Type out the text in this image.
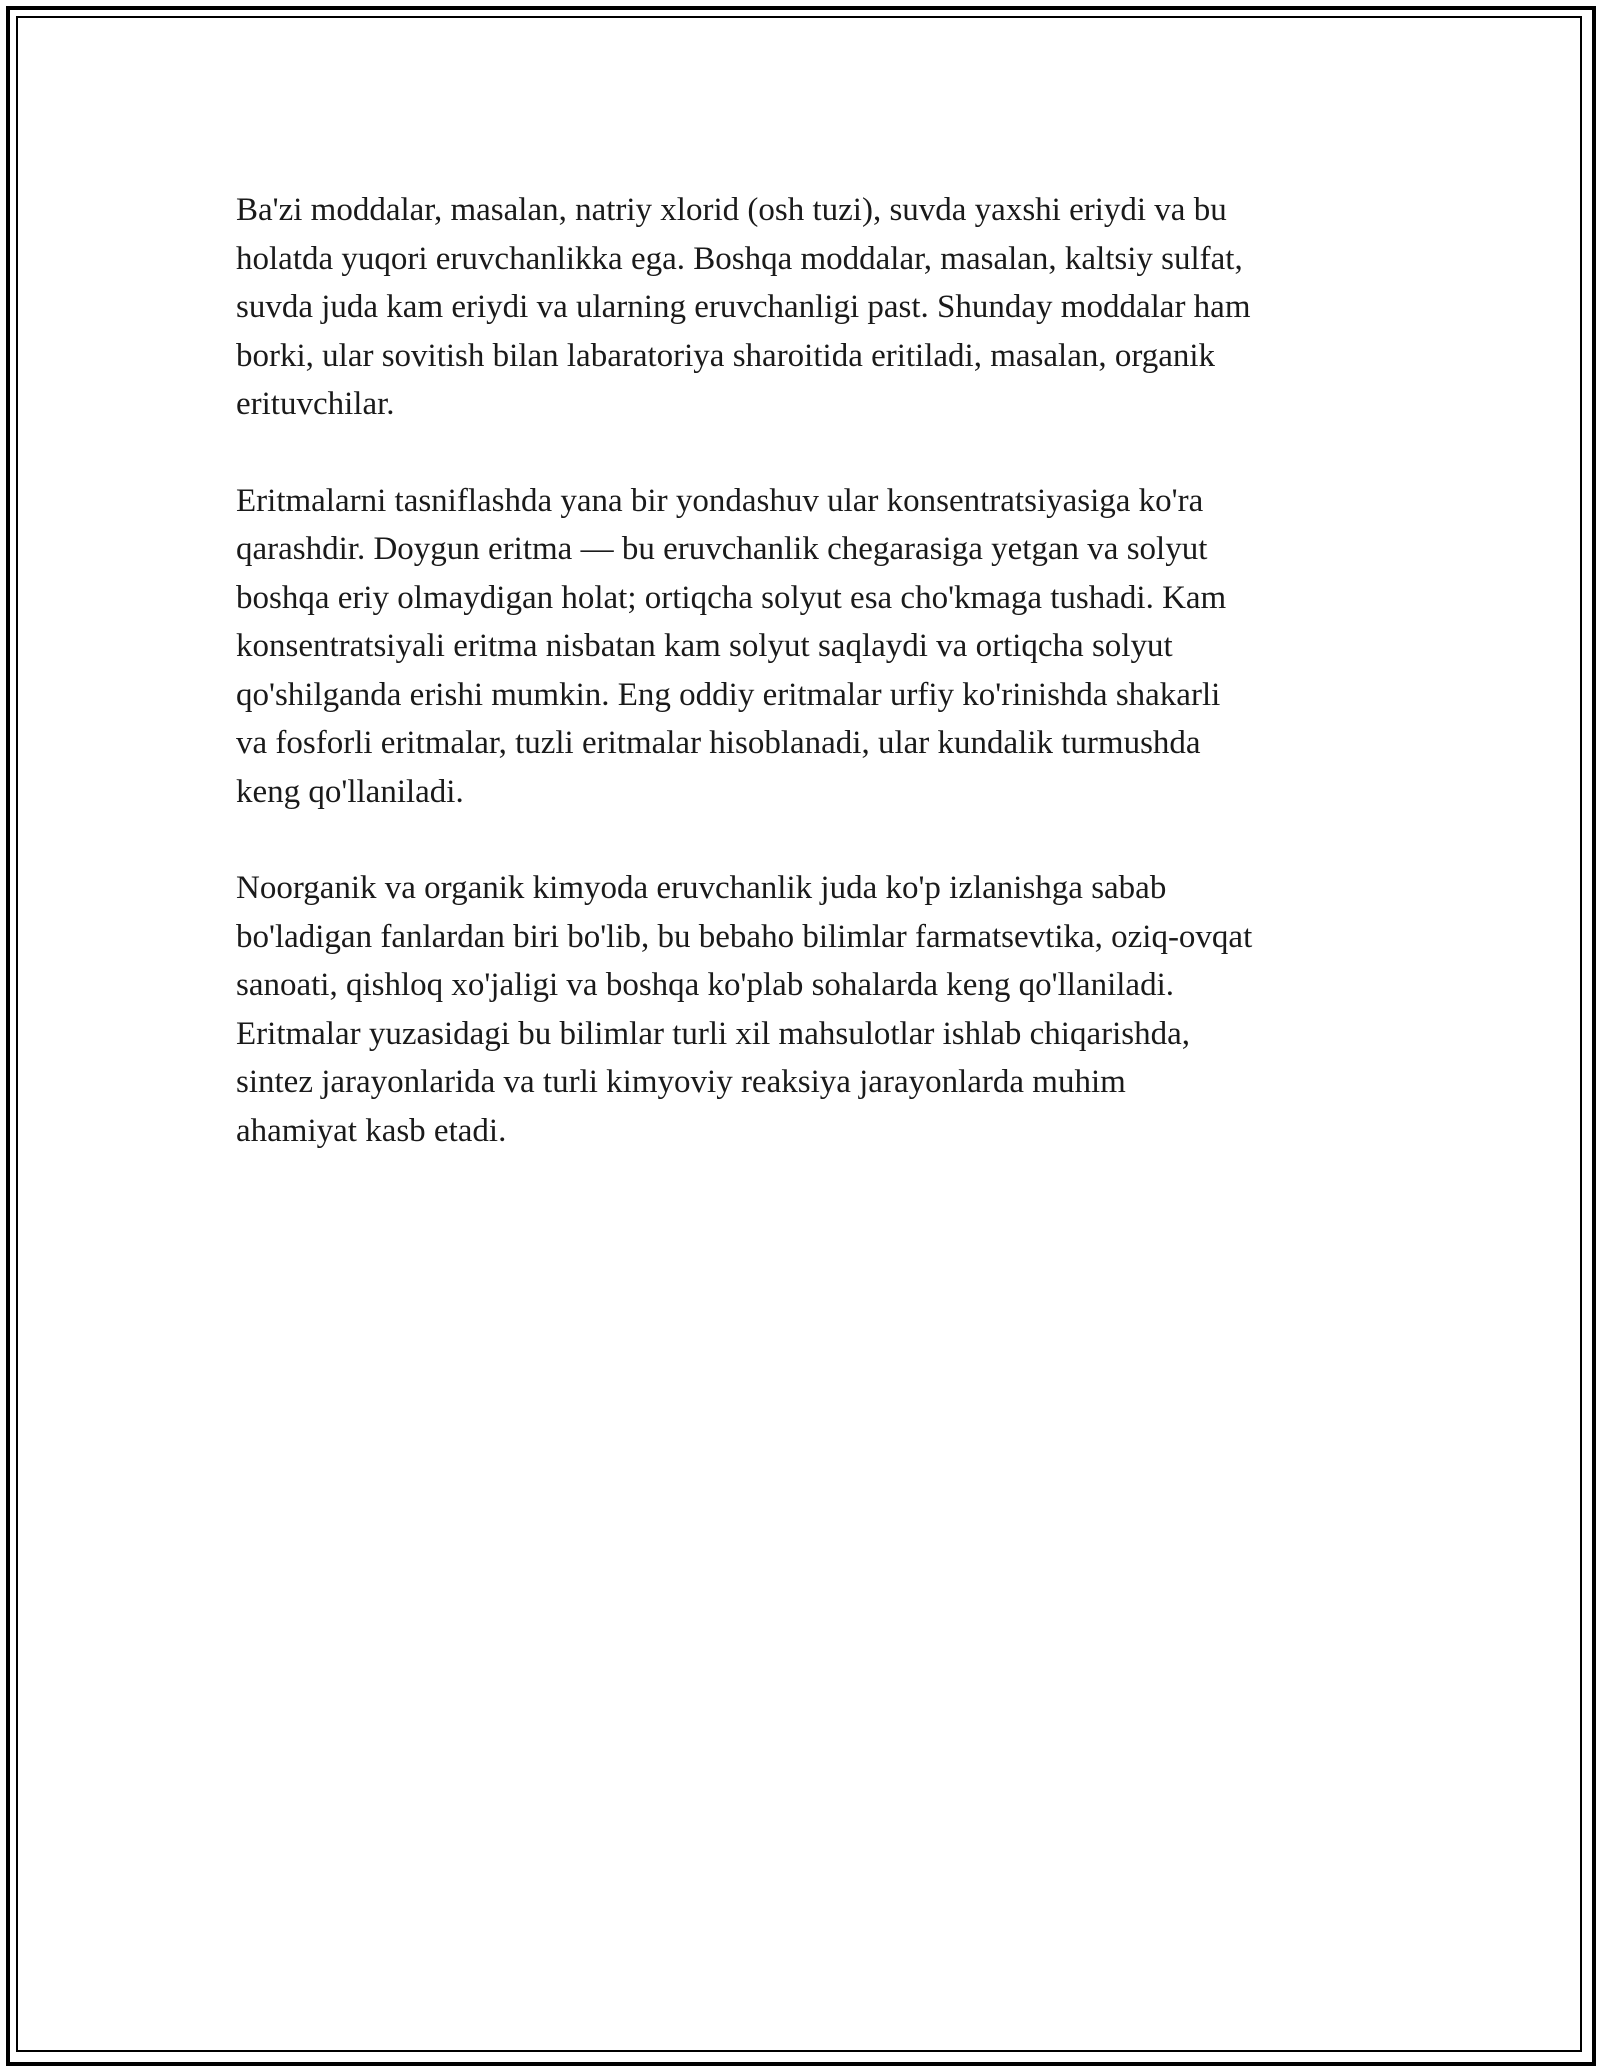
Ba'zi moddalar, masalan, natriy xlorid (osh tuzi), suvda yaxshi eriydi va bu
holatda yuqori eruvchanlikka ega. Boshqa moddalar, masalan, kaltsiy sulfat,
suvda juda kam eriydi va ularning eruvchanligi past. Shunday moddalar ham
borki, ular sovitish bilan labaratoriya sharoitida eritiladi, masalan, organik
erituvchilar.

Eritmalarni tasniflashda yana bir yondashuv ular konsentratsiyasiga ko'ra
qarashdir. Doygun eritma — bu eruvchanlik chegarasiga yetgan va solyut
boshqa eriy olmaydigan holat; ortiqcha solyut esa cho'kmaga tushadi. Kam
konsentratsiyali eritma nisbatan kam solyut saqlaydi va ortiqcha solyut
qo'shilganda erishi mumkin. Eng oddiy eritmalar urfiy ko'rinishda shakarli
va fosforli eritmalar, tuzli eritmalar hisoblanadi, ular kundalik turmushda
keng qo'llaniladi.

Noorganik va organik kimyoda eruvchanlik juda ko'p izlanishga sabab
bo'ladigan fanlardan biri bo'lib, bu bebaho bilimlar farmatsevtika, oziq-ovqat
sanoati, qishloq xo'jaligi va boshqa ko'plab sohalarda keng qo'llaniladi.
Eritmalar yuzasidagi bu bilimlar turli xil mahsulotlar ishlab chiqarishda,
sintez jarayonlarida va turli kimyoviy reaksiya jarayonlarda muhim
ahamiyat kasb etadi.
